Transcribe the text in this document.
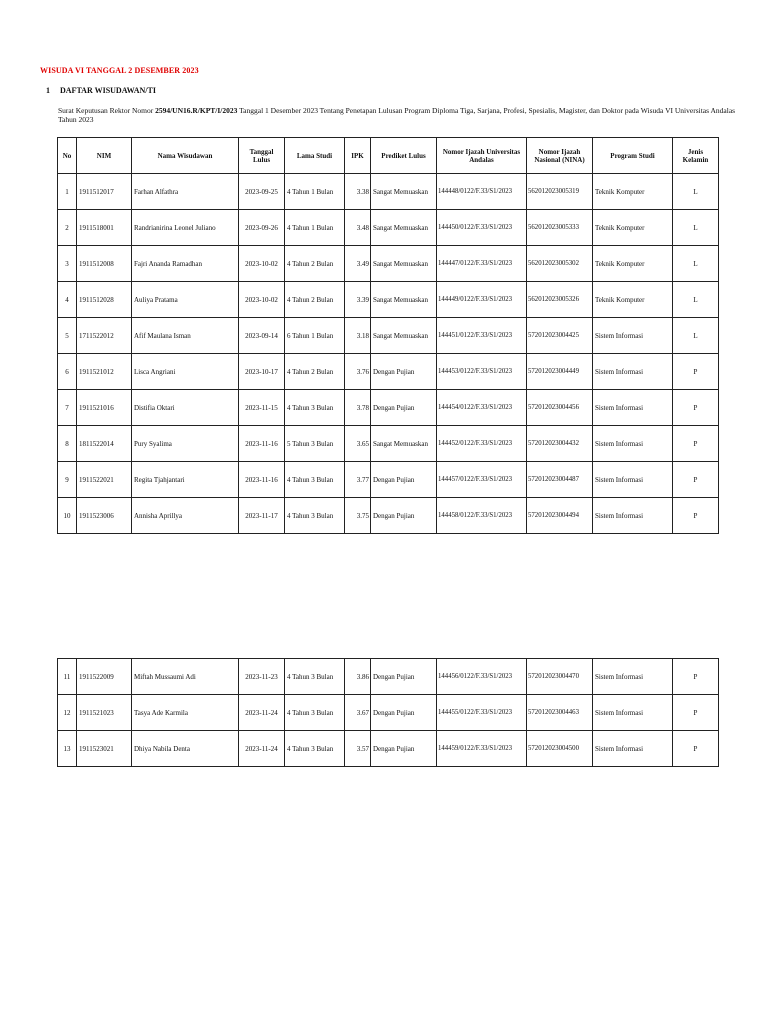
WISUDA VI TANGGAL 2 DESEMBER 2023
1 DAFTAR WISUDAWAN/TI
Surat Keputusan Rektor Nomor 2594/UN16.R/KPT/I/2023 Tanggal 1 Desember 2023 Tentang Penetapan Lulusan Program Diploma Tiga, Sarjana, Profesi, Spesialis, Magister, dan Doktor pada Wisuda VI Universitas Andalas Tahun 2023
No	NIM	Nama Wisudawan	Tanggal Lulus	Lama Studi	IPK	Prediket Lulus	Nomor Ijazah Universitas Andalas	Nomor Ijazah Nasional (NINA)	Program Studi	Jenis Kelamin
1	1911512017	Farhan Alfathra	2023-09-25	4 Tahun 1 Bulan	3.38	Sangat Memuaskan	144448/0122/F.33/S1/2023	562012023005319	Teknik Komputer	L
2	1911518001	Randrianirina Leonel Juliano	2023-09-26	4 Tahun 1 Bulan	3.48	Sangat Memuaskan	144450/0122/F.33/S1/2023	562012023005333	Teknik Komputer	L
3	1911512008	Fajri Ananda Ramadhan	2023-10-02	4 Tahun 2 Bulan	3.49	Sangat Memuaskan	144447/0122/F.33/S1/2023	562012023005302	Teknik Komputer	L
4	1911512028	Auliya Pratama	2023-10-02	4 Tahun 2 Bulan	3.39	Sangat Memuaskan	144449/0122/F.33/S1/2023	562012023005326	Teknik Komputer	L
5	1711522012	Afif Maulana Isman	2023-09-14	6 Tahun 1 Bulan	3.18	Sangat Memuaskan	144451/0122/F.33/S1/2023	572012023004425	Sistem Informasi	L
6	1911521012	Lisca Angriani	2023-10-17	4 Tahun 2 Bulan	3.76	Dengan Pujian	144453/0122/F.33/S1/2023	572012023004449	Sistem Informasi	P
7	1911521016	Distifia Oktari	2023-11-15	4 Tahun 3 Bulan	3.78	Dengan Pujian	144454/0122/F.33/S1/2023	572012023004456	Sistem Informasi	P
8	1811522014	Pury Syalima	2023-11-16	5 Tahun 3 Bulan	3.65	Sangat Memuaskan	144452/0122/F.33/S1/2023	572012023004432	Sistem Informasi	P
9	1911522021	Regita Tjahjantari	2023-11-16	4 Tahun 3 Bulan	3.77	Dengan Pujian	144457/0122/F.33/S1/2023	572012023004487	Sistem Informasi	P
10	1911523006	Annisha Aprillya	2023-11-17	4 Tahun 3 Bulan	3.75	Dengan Pujian	144458/0122/F.33/S1/2023	572012023004494	Sistem Informasi	P
11	1911522009	Miftah Mussaumi Adi	2023-11-23	4 Tahun 3 Bulan	3.86	Dengan Pujian	144456/0122/F.33/S1/2023	572012023004470	Sistem Informasi	P
12	1911521023	Tasya Ade Karmila	2023-11-24	4 Tahun 3 Bulan	3.67	Dengan Pujian	144455/0122/F.33/S1/2023	572012023004463	Sistem Informasi	P
13	1911523021	Dhiya Nabila Denta	2023-11-24	4 Tahun 3 Bulan	3.57	Dengan Pujian	144459/0122/F.33/S1/2023	572012023004500	Sistem Informasi	P
